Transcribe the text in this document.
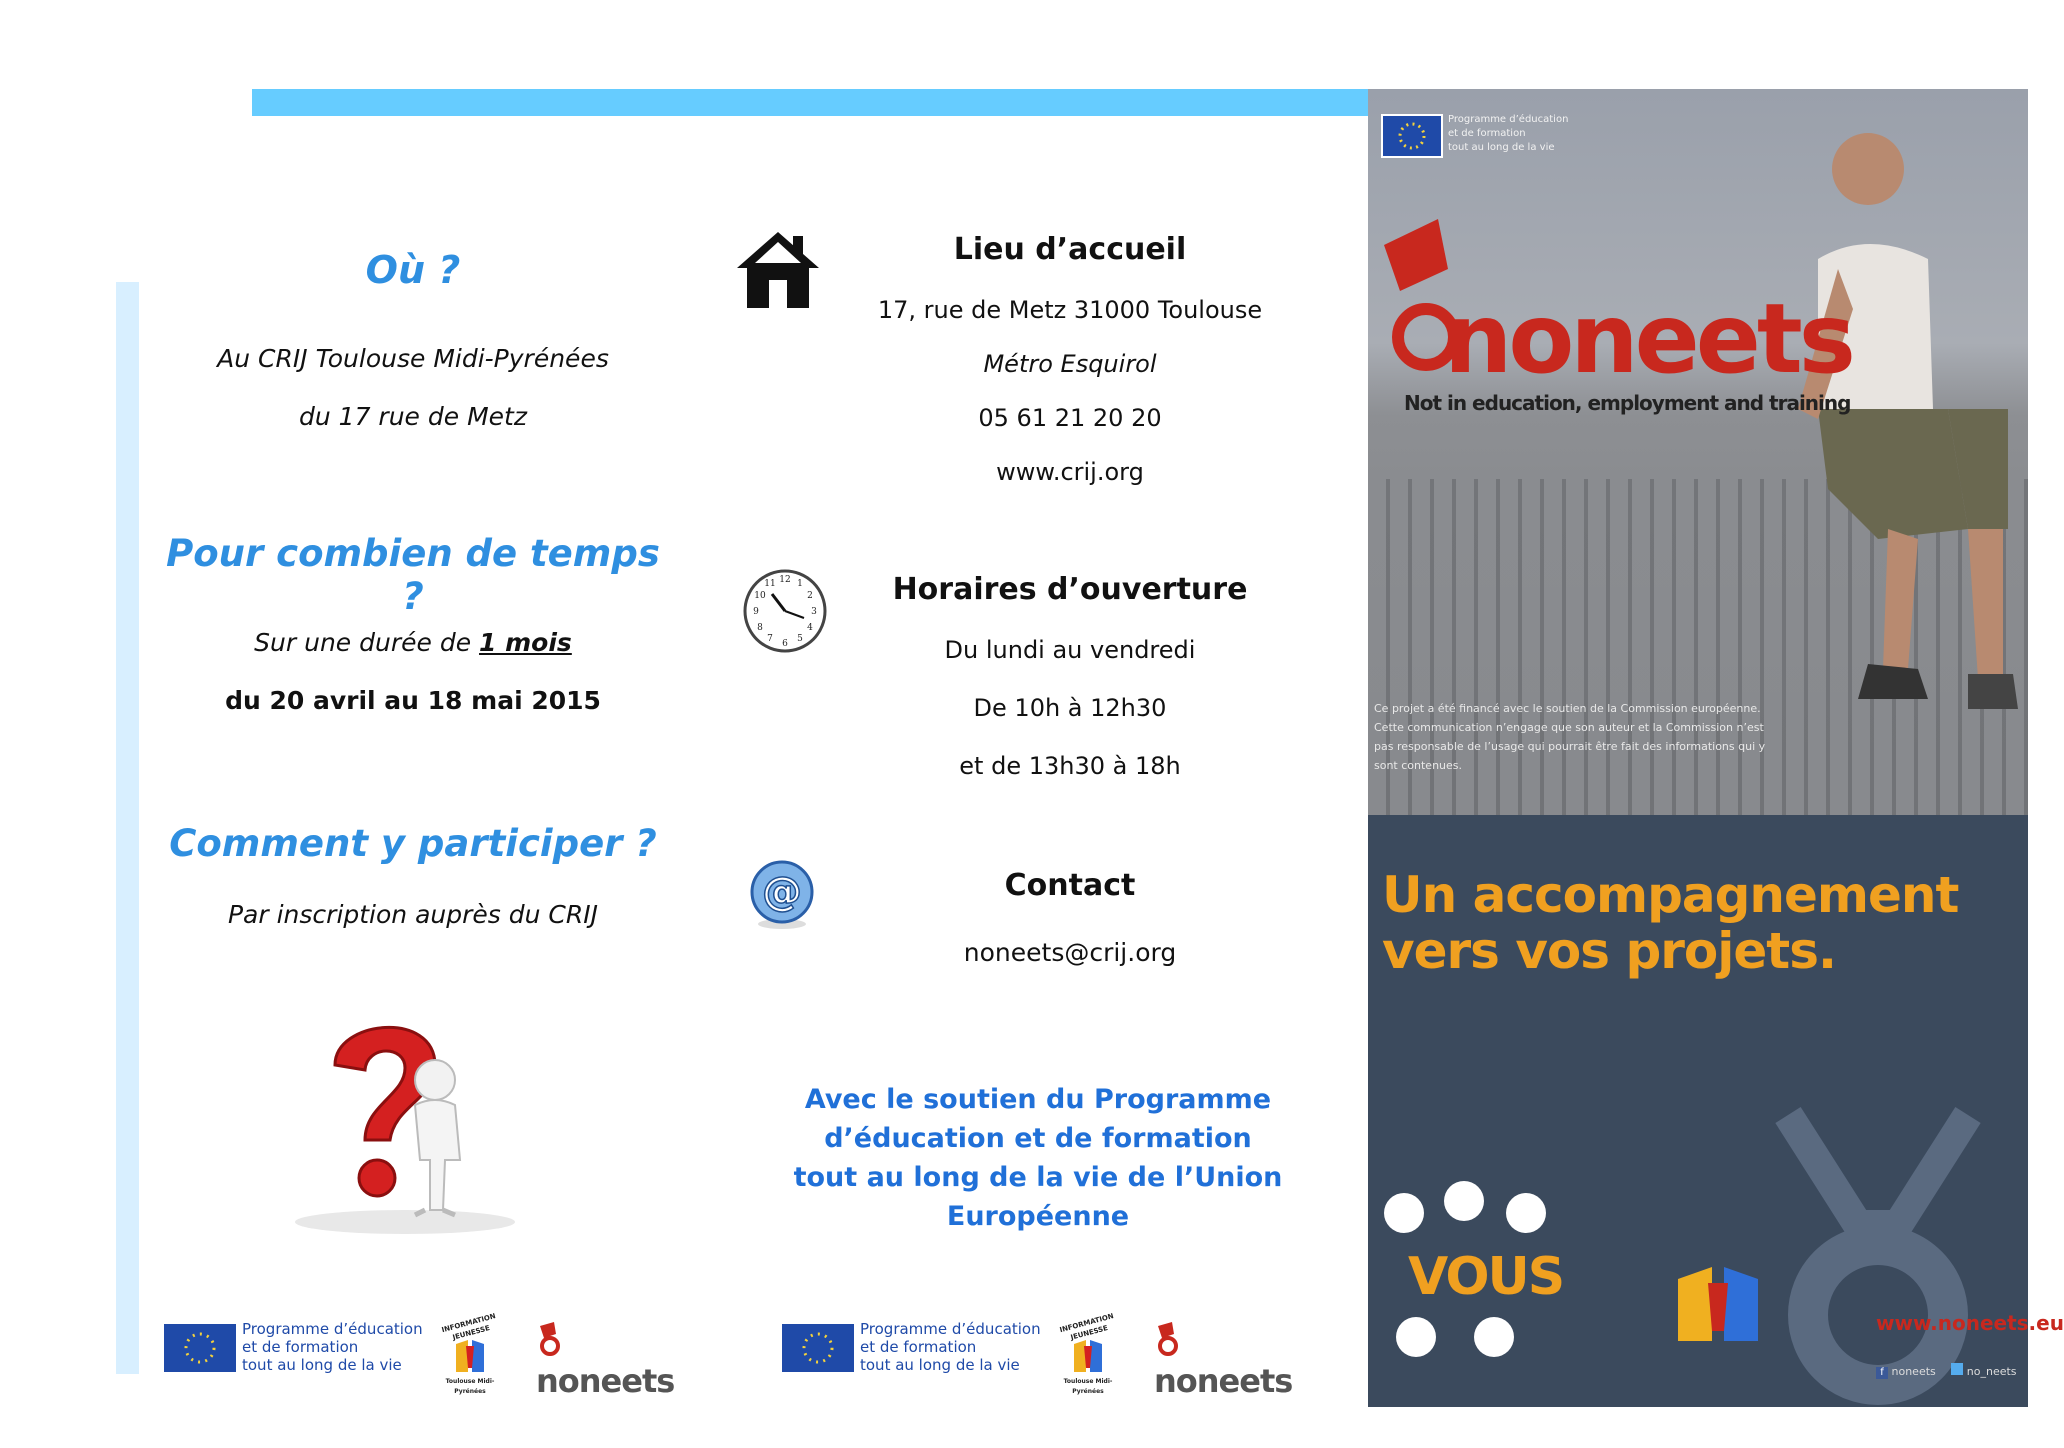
Où ?
Au CRIJ Toulouse Midi-Pyrénées
du 17 rue de Metz
Pour combien de temps ?
Sur une durée de 1 mois
du 20 avril au 18 mai 2015
Comment y participer ?
Par inscription auprès du CRIJ
Lieu d’accueil
17, rue de Metz 31000 Toulouse
Métro Esquirol
05 61 21 20 20
www.crij.org
12 1
2
3
4
5
6
7
8
9
10
11	Horaires d’ouverture
Du lundi au vendredi
De 10h à 12h30
et de 13h30 à 18h
@	Contact
noneets@crij.org
Avec le soutien du Programme d’éducation et de formation tout au long de la vie de l’Union Européenne
Programme d’éducation
et de formation
tout au long de la vie
INFORMATION JEUNESSE
Toulouse Midi-Pyrénées	noneets
Programme d’éducation
et de formation
tout au long de la vie
INFORMATION JEUNESSE
Toulouse Midi-Pyrénées	noneets
Programme d’éducation
et de formation
tout au long de la vie
noneets
Not in education, employment and training
Ce projet a été financé avec le soutien de la Commission européenne. Cette communication n’engage que son auteur et la Commission n’est pas responsable de l’usage qui pourrait être fait des informations qui y sont contenues.
Un accompagnement
vers vos projets.
VOUS
www.noneets.eu
f noneets	no_neets
